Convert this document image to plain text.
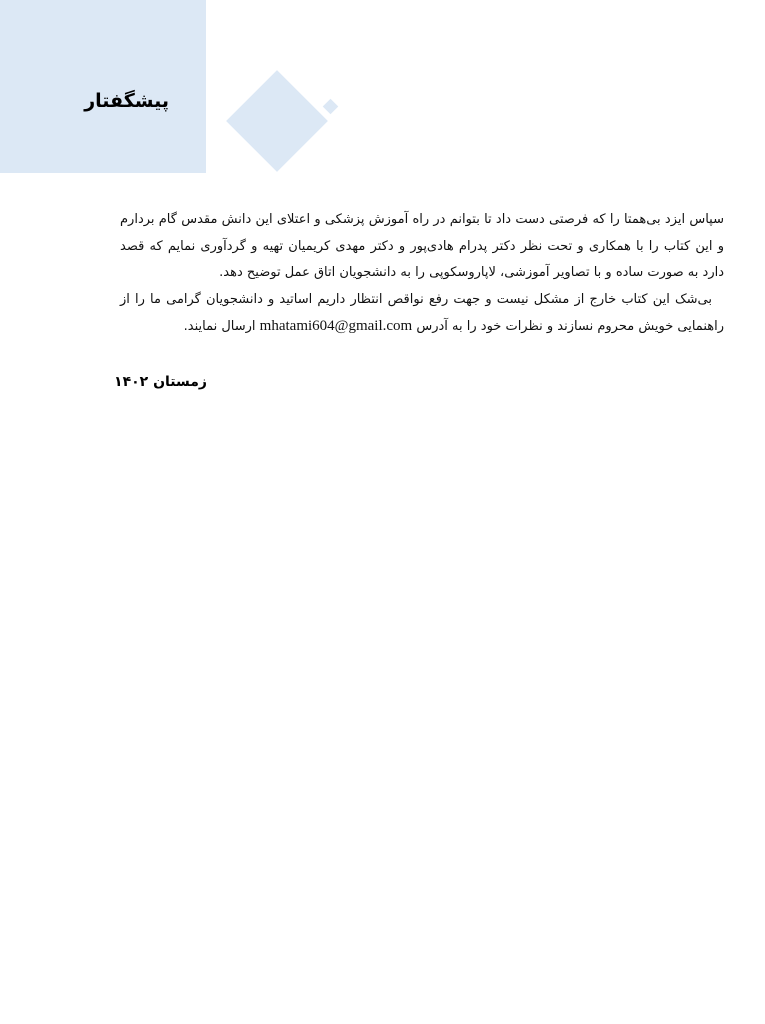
پیشگفتار

سپاس ایزد بی‌همتا را که فرصتی دست داد تا بتوانم در راه آموزش پزشکی و اعتلای این دانش مقدس گام بردارم و این کتاب را با همکاری و تحت نظر دکتر پدرام هادی‌پور و دکتر مهدی کریمیان تهیه و گردآوری نمایم که قصد دارد به صورت ساده و با تصاویر آموزشی، لاپاروسکوپی را به دانشجویان اتاق عمل توضیح دهد.

بی‌شک این کتاب خارج از مشکل نیست و جهت رفع نواقص انتظار داریم اساتید و دانشجویان گرامی ما را از راهنمایی خویش محروم نسازند و نظرات خود را به آدرس mhatami604@gmail.com ارسال نمایند.

زمستان ۱۴۰۲
